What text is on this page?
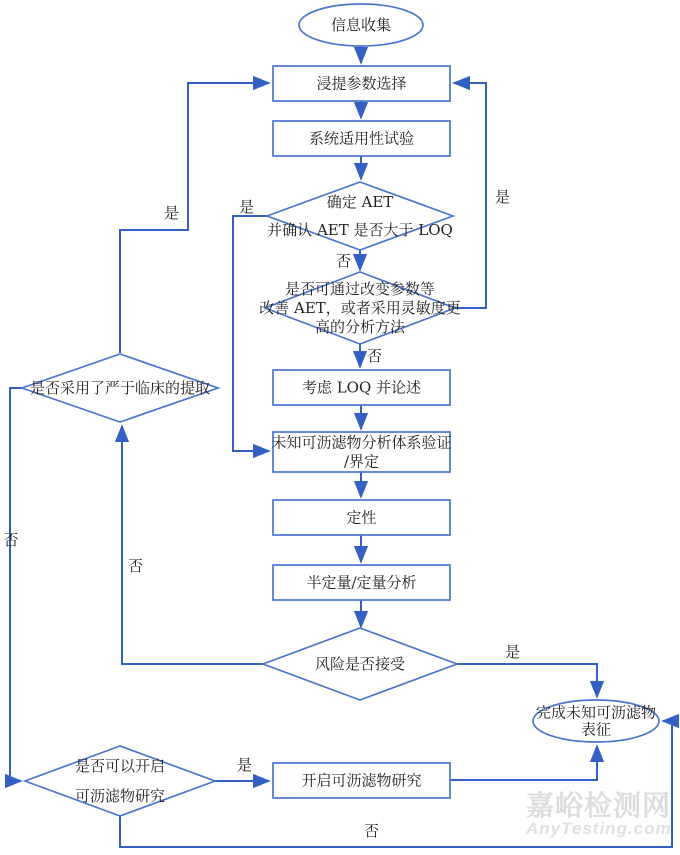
否
否
是
是
是
否
否
是
是
否
信息收集
浸提参数选择
系统适用性试验
确定 AET
并确认 AET 是否大于 LOQ
是否可通过改变参数等
改善 AET，或者采用灵敏度更
高的分析方法
考虑 LOQ 并论述
未知可沥滤物分析体系验证
/界定
定性
半定量/定量分析
风险是否接受
是否采用了严于临床的提取
是否可以开启
可沥滤物研究
开启可沥滤物研究
完成未知可沥滤物
表征
嘉峪检测网
AnyTesting.com
